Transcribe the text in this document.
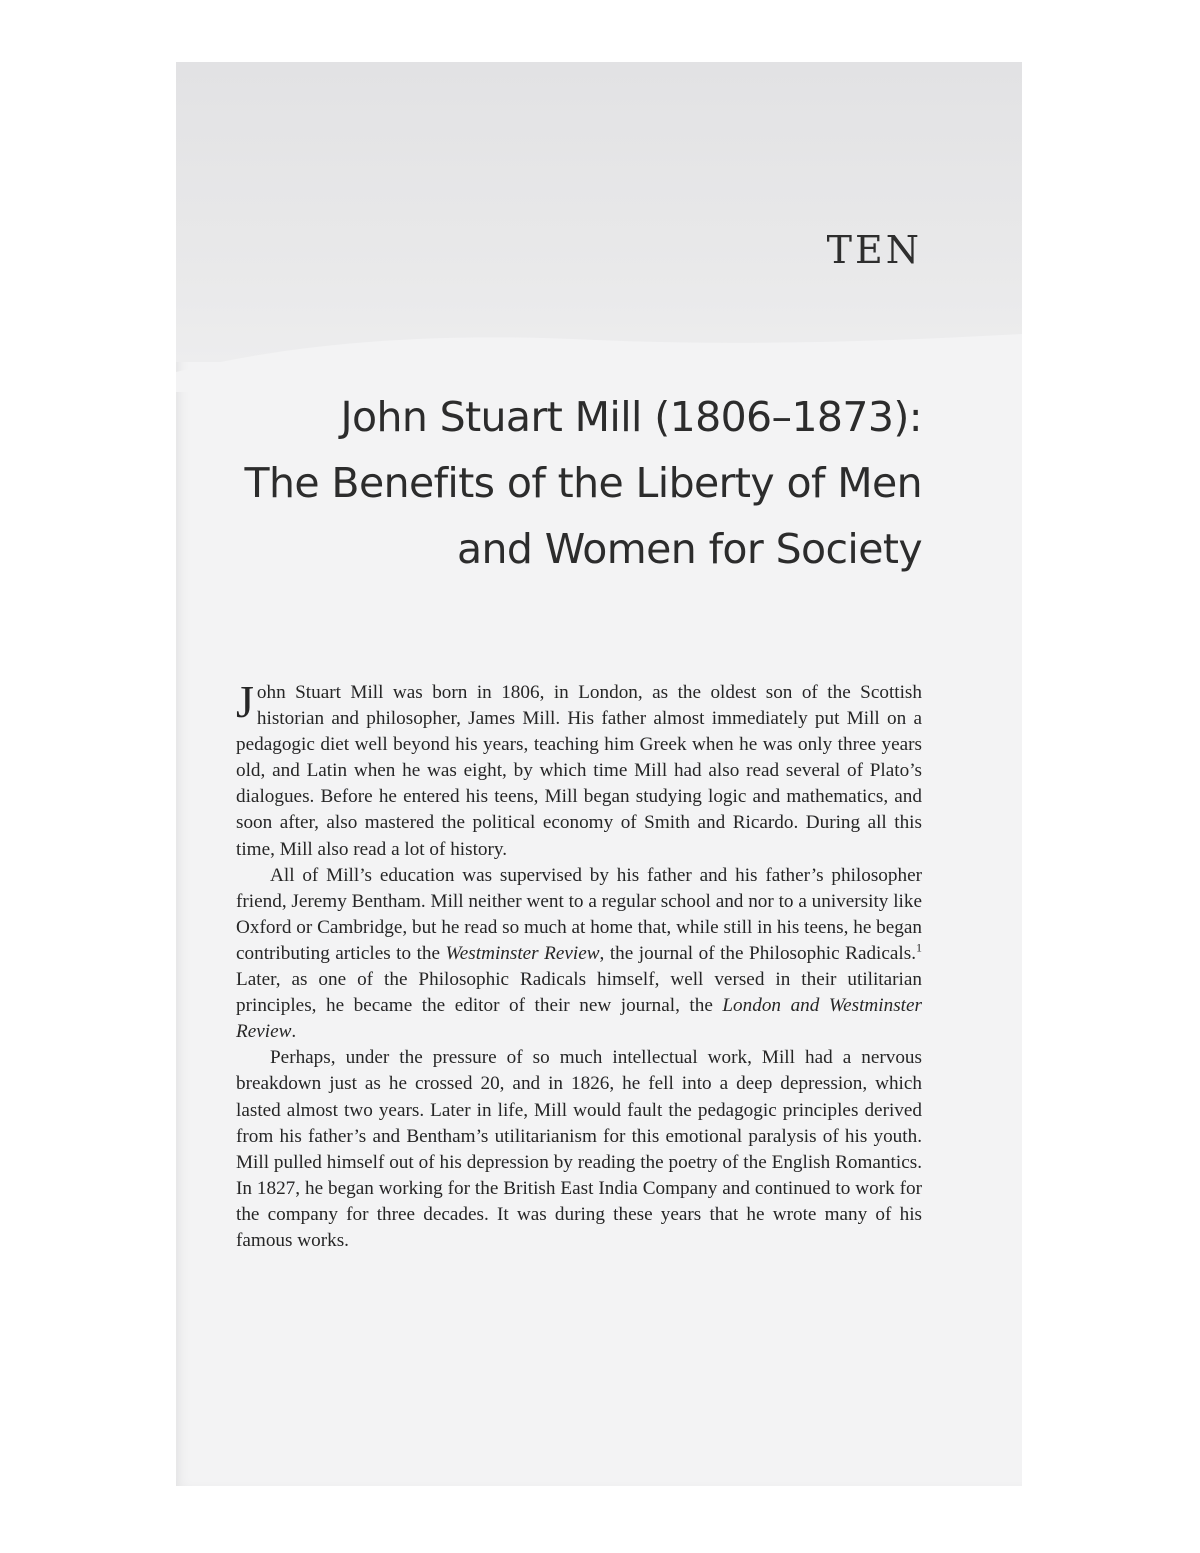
TEN
John Stuart Mill (1806–1873):
The Benefits of the Liberty of Men
and Women for Society

John Stuart Mill was born in 1806, in London, as the oldest son of the Scottish historian and philosopher, James Mill. His father almost immediately put Mill on a pedagogic diet well beyond his years, teaching him Greek when he was only three years old, and Latin when he was eight, by which time Mill had also read several of Plato’s dialogues. Before he entered his teens, Mill began studying logic and mathematics, and soon after, also mastered the political economy of Smith and Ricardo. During all this time, Mill also read a lot of history.

All of Mill’s education was supervised by his father and his father’s philosopher friend, Jeremy Bentham. Mill neither went to a regular school and nor to a university like Oxford or Cambridge, but he read so much at home that, while still in his teens, he began contributing articles to the Westminster Review, the journal of the Philosophic Radicals.$^1$ Later, as one of the Philosophic Radicals himself, well versed in their utilitarian principles, he became the editor of their new journal, the London and Westminster Review.

Perhaps, under the pressure of so much intellectual work, Mill had a nervous breakdown just as he crossed 20, and in 1826, he fell into a deep depression, which lasted almost two years. Later in life, Mill would fault the pedagogic principles derived from his father’s and Bentham’s utilitarianism for this emotional paralysis of his youth. Mill pulled himself out of his depression by reading the poetry of the English Romantics. In 1827, he began working for the British East India Company and continued to work for the company for three decades. It was during these years that he wrote many of his famous works.
